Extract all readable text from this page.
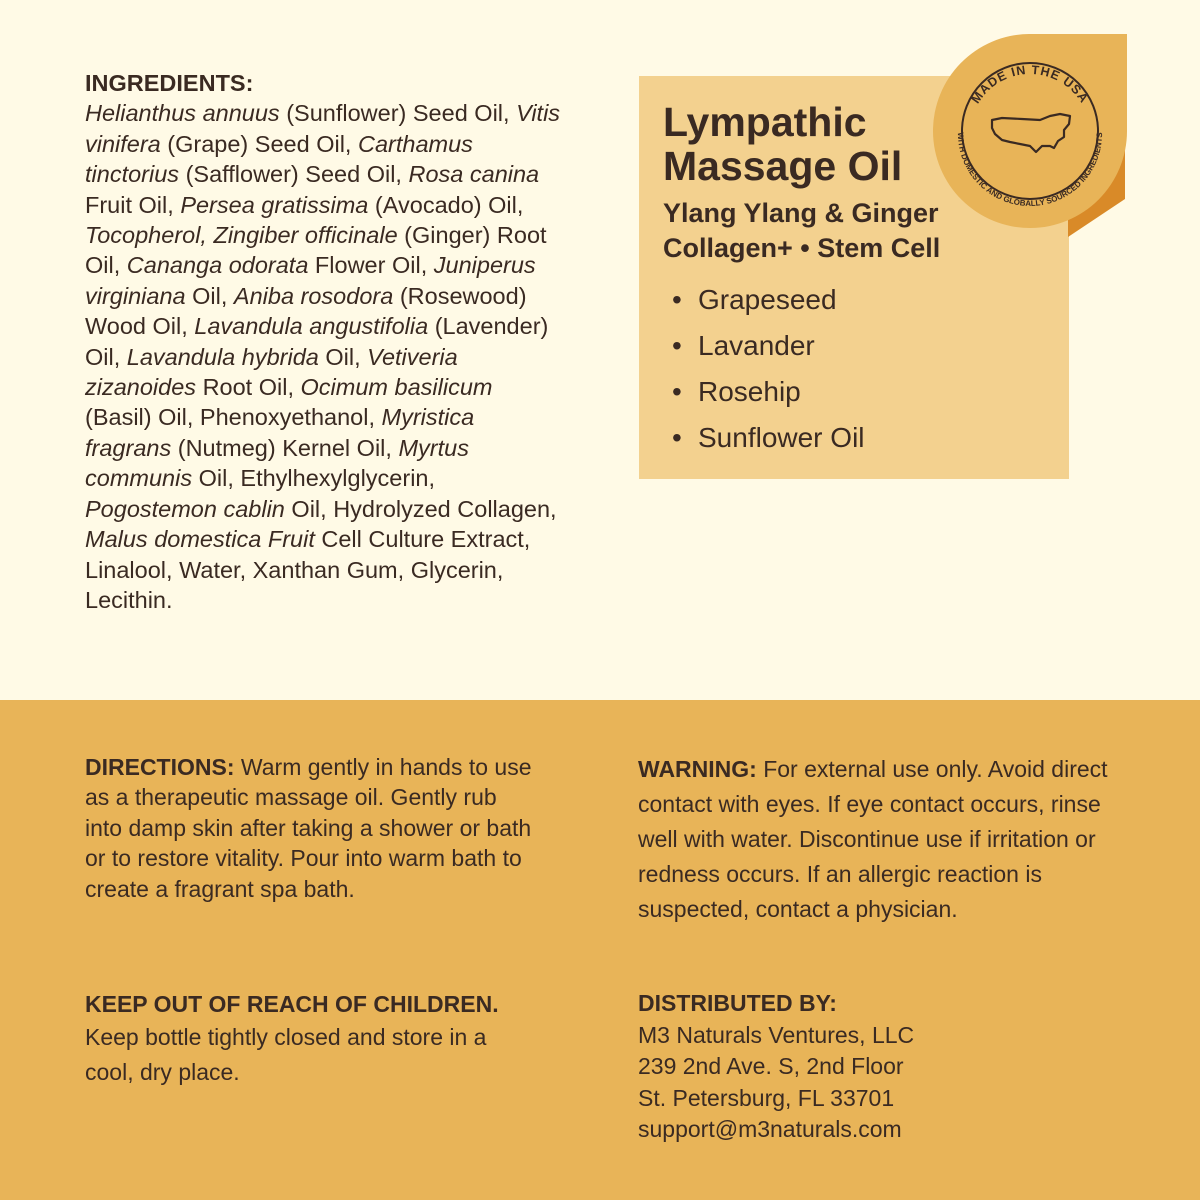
INGREDIENTS:
Helianthus annuus (Sunflower) Seed Oil, Vitis vinifera (Grape) Seed Oil, Carthamus tinctorius (Safflower) Seed Oil, Rosa canina Fruit Oil, Persea gratissima (Avocado) Oil, Tocopherol, Zingiber officinale (Ginger) Root Oil, Cananga odorata Flower Oil, Juniperus virginiana Oil, Aniba rosodora (Rosewood) Wood Oil, Lavandula angustifolia (Lavender) Oil, Lavandula hybrida Oil, Vetiveria zizanoides Root Oil, Ocimum basilicum (Basil) Oil, Phenoxyethanol, Myristica fragrans (Nutmeg) Kernel Oil, Myrtus communis Oil, Ethylhexylglycerin, Pogostemon cablin Oil, Hydrolyzed Collagen, Malus domestica Fruit Cell Culture Extract, Linalool, Water, Xanthan Gum, Glycerin, Lecithin.
Lympathic
Massage Oil
Ylang Ylang & Ginger
Collagen+ • Stem Cell
• Grapeseed
• Lavander
• Rosehip
• Sunflower Oil
MADE IN THE USA
WITH DOMESTIC AND GLOBALLY SOURCED INGREDIENTS
DIRECTIONS: Warm gently in hands to use as a therapeutic massage oil. Gently rub into damp skin after taking a shower or bath or to restore vitality. Pour into warm bath to create a fragrant spa bath.
WARNING: For external use only. Avoid direct contact with eyes. If eye contact occurs, rinse well with water. Discontinue use if irritation or redness occurs. If an allergic reaction is suspected, contact a physician.
KEEP OUT OF REACH OF CHILDREN.
Keep bottle tightly closed and store in a cool, dry place.
DISTRIBUTED BY:
M3 Naturals Ventures, LLC
239 2nd Ave. S, 2nd Floor
St. Petersburg, FL 33701
support@m3naturals.com
